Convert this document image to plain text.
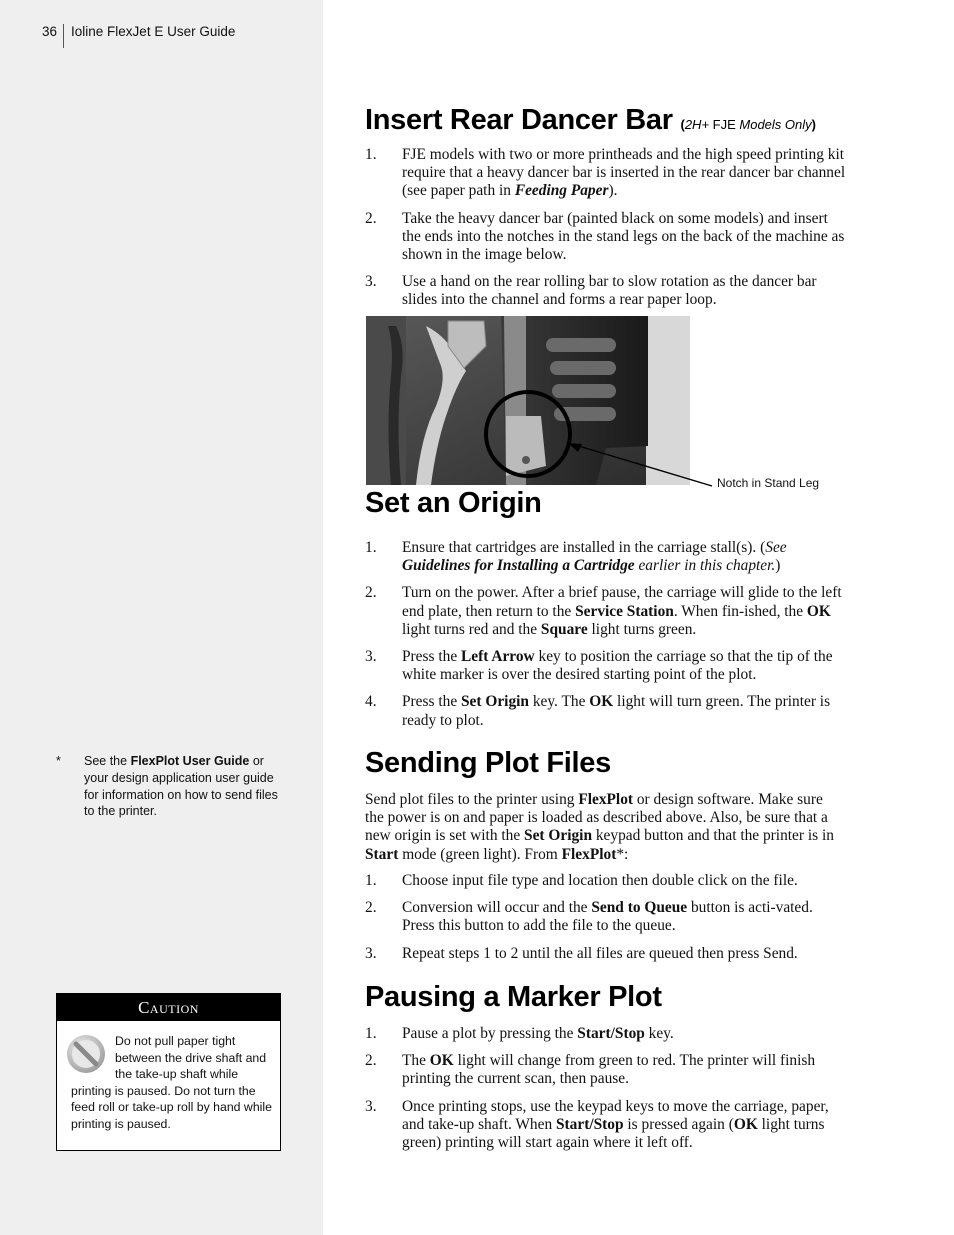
36 Ioline FlexJet E User Guide
* See the FlexPlot User Guide or your design application user guide for information on how to send files to the printer.
Caution
Do not pull paper tight between the drive shaft and the take-up shaft while printing is paused. Do not turn the feed roll or take-up roll by hand while printing is paused.
Insert Rear Dancer Bar (2H+ FJE Models Only)
1. FJE models with two or more printheads and the high speed printing kit require that a heavy dancer bar is inserted in the rear dancer bar channel (see paper path in Feeding Paper).
2. Take the heavy dancer bar (painted black on some models) and insert the ends into the notches in the stand legs on the back of the machine as shown in the image below.
3. Use a hand on the rear rolling bar to slow rotation as the dancer bar slides into the channel and forms a rear paper loop.
Notch in Stand Leg
Set an Origin
1. Ensure that cartridges are installed in the carriage stall(s). (See Guidelines for Installing a Cartridge earlier in this chapter.)
2. Turn on the power. After a brief pause, the carriage will glide to the left end plate, then return to the Service Station. When fin-ished, the OK light turns red and the Square light turns green.
3. Press the Left Arrow key to position the carriage so that the tip of the white marker is over the desired starting point of the plot.
4. Press the Set Origin key. The OK light will turn green. The printer is ready to plot.
Sending Plot Files

Send plot files to the printer using FlexPlot or design software. Make sure the power is on and paper is loaded as described above. Also, be sure that a new origin is set with the Set Origin keypad button and that the printer is in Start mode (green light). From FlexPlot*:

1. Choose input file type and location then double click on the file.
2. Conversion will occur and the Send to Queue button is acti-vated. Press this button to add the file to the queue.
3. Repeat steps 1 to 2 until the all files are queued then press Send.
Pausing a Marker Plot
1. Pause a plot by pressing the Start/Stop key.
2. The OK light will change from green to red. The printer will finish printing the current scan, then pause.
3. Once printing stops, use the keypad keys to move the carriage, paper, and take-up shaft. When Start/Stop is pressed again (OK light turns green) printing will start again where it left off.
